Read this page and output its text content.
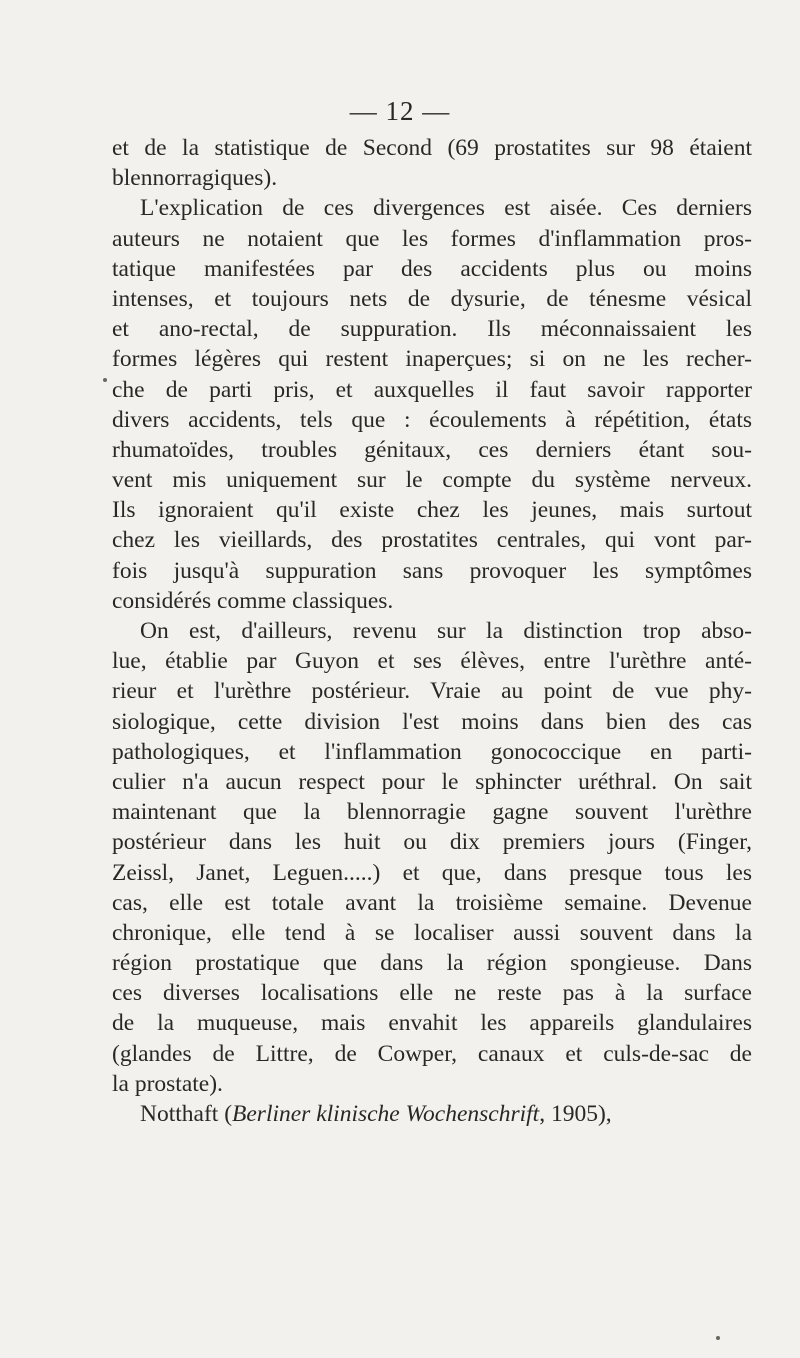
— 12 —
et de la statistique de Second (69 prostatites sur 98 étaient
blennorragiques).
L'explication de ces divergences est aisée. Ces derniers
auteurs ne notaient que les formes d'inflammation pros-
tatique manifestées par des accidents plus ou moins
intenses, et toujours nets de dysurie, de ténesme vésical
et ano-rectal, de suppuration. Ils méconnaissaient les
formes légères qui restent inaperçues; si on ne les recher-
che de parti pris, et auxquelles il faut savoir rapporter
divers accidents, tels que : écoulements à répétition, états
rhumatoïdes, troubles génitaux, ces derniers étant sou-
vent mis uniquement sur le compte du système nerveux.
Ils ignoraient qu'il existe chez les jeunes, mais surtout
chez les vieillards, des prostatites centrales, qui vont par-
fois jusqu'à suppuration sans provoquer les symptômes
considérés comme classiques.
On est, d'ailleurs, revenu sur la distinction trop abso-
lue, établie par Guyon et ses élèves, entre l'urèthre anté-
rieur et l'urèthre postérieur. Vraie au point de vue phy-
siologique, cette division l'est moins dans bien des cas
pathologiques, et l'inflammation gonococcique en parti-
culier n'a aucun respect pour le sphincter uréthral. On sait
maintenant que la blennorragie gagne souvent l'urèthre
postérieur dans les huit ou dix premiers jours (Finger,
Zeissl, Janet, Leguen.....) et que, dans presque tous les
cas, elle est totale avant la troisième semaine. Devenue
chronique, elle tend à se localiser aussi souvent dans la
région prostatique que dans la région spongieuse. Dans
ces diverses localisations elle ne reste pas à la surface
de la muqueuse, mais envahit les appareils glandulaires
(glandes de Littre, de Cowper, canaux et culs-de-sac de
la prostate).
Notthaft (Berliner klinische Wochenschrift, 1905),
